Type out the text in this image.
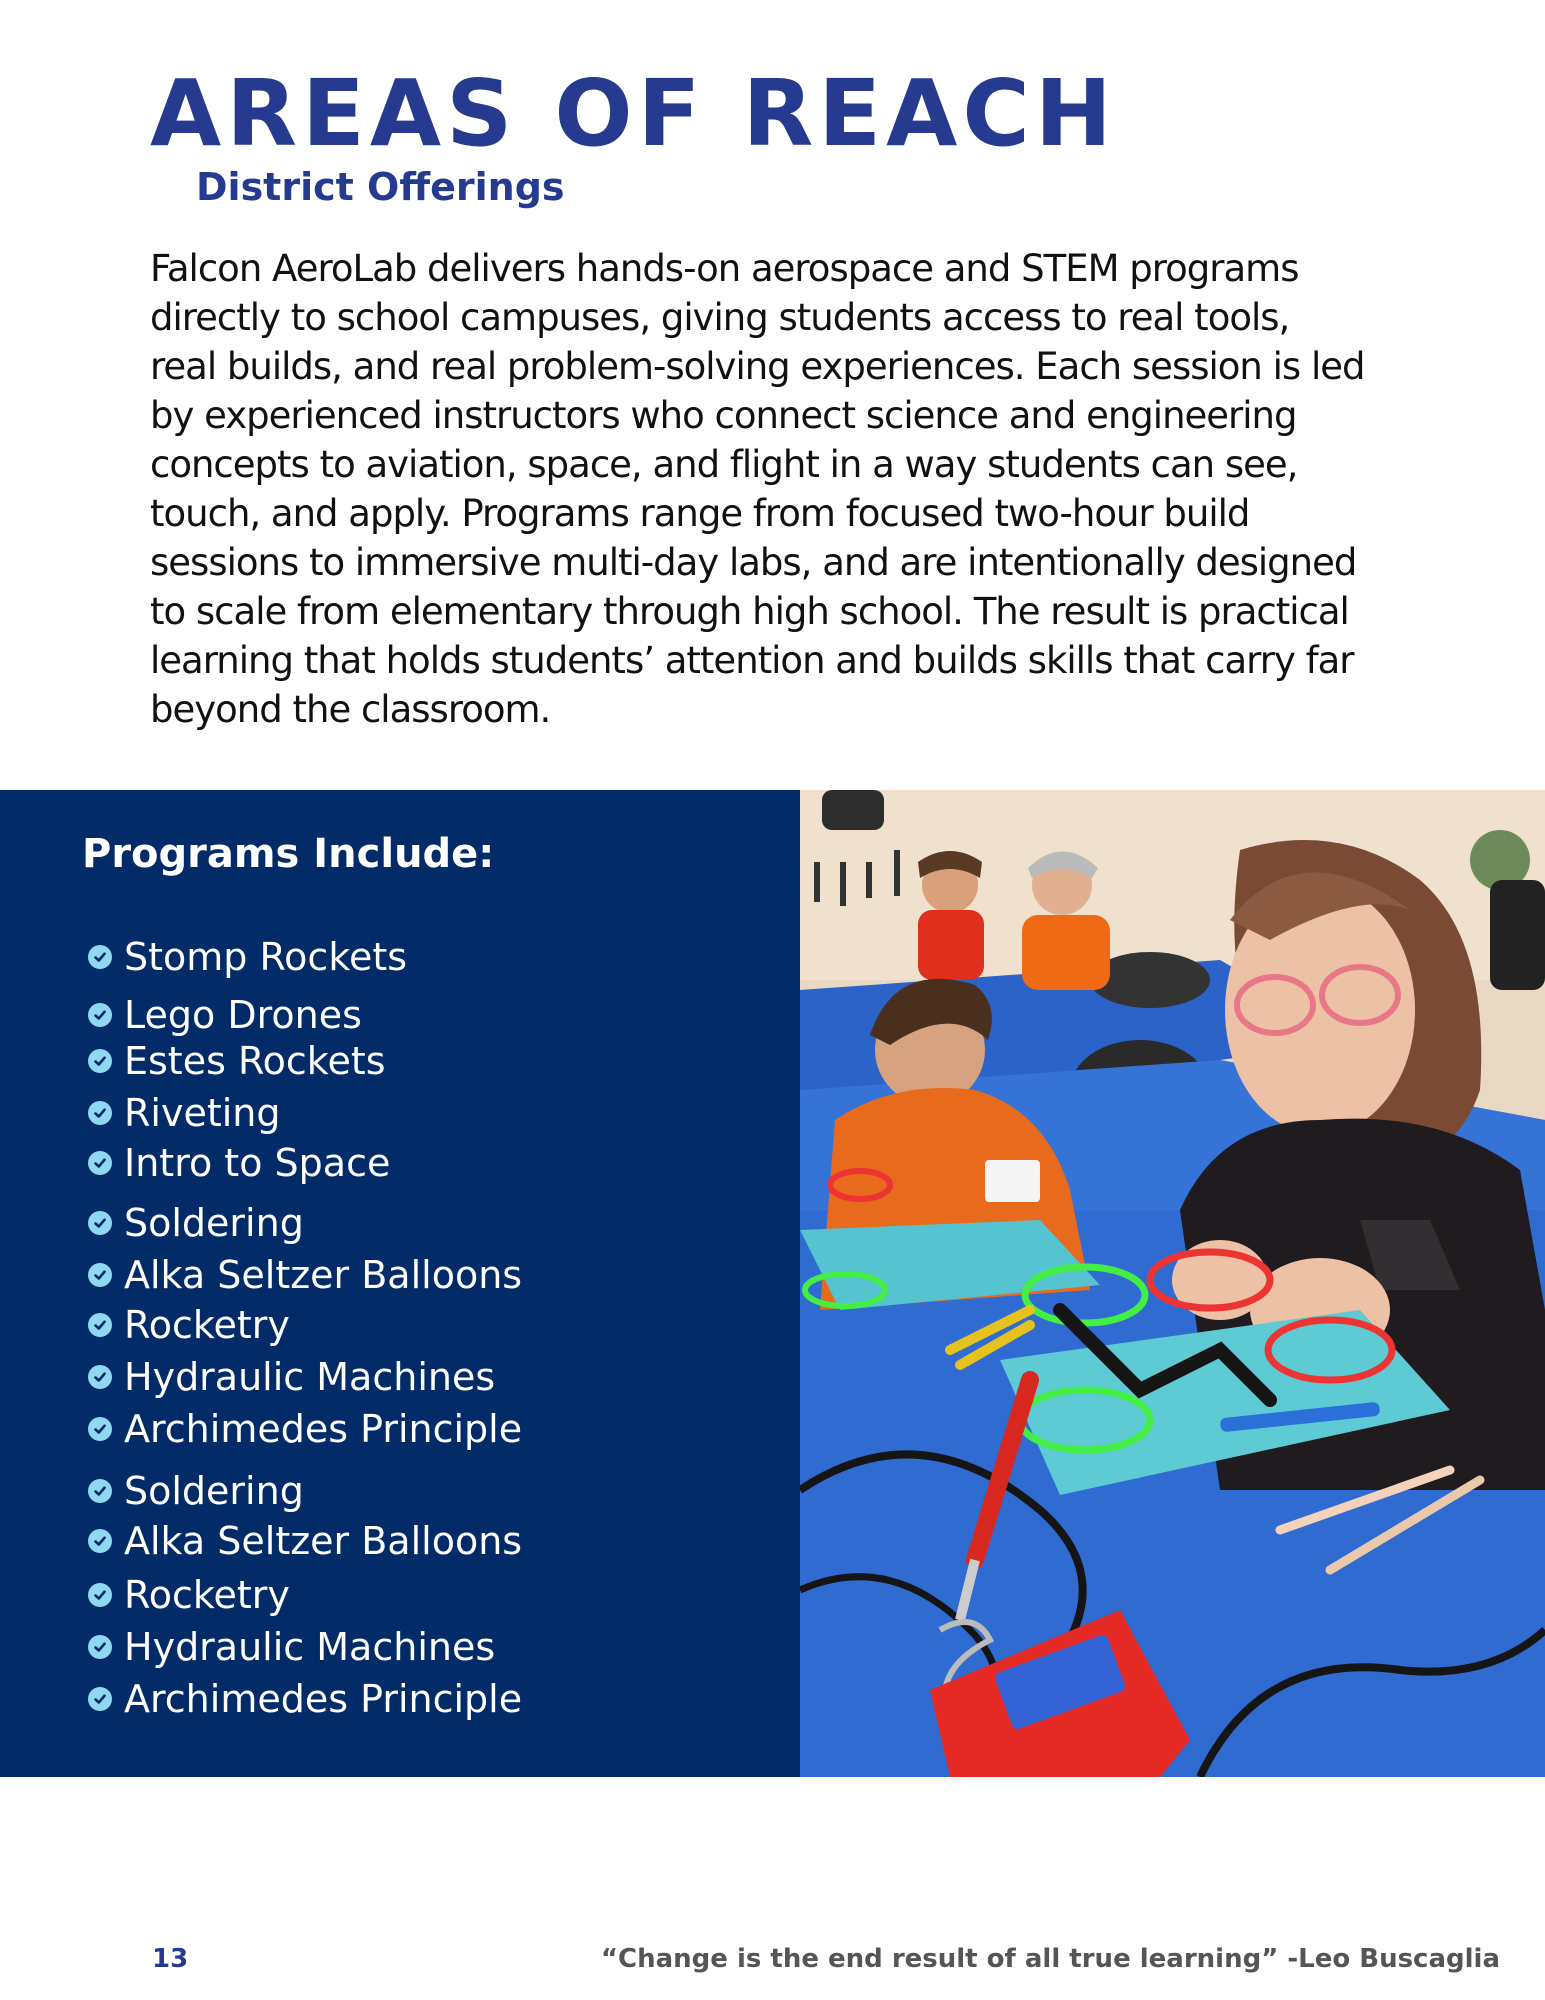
AREAS OF REACH
District Offerings

Falcon AeroLab delivers hands-on aerospace and STEM programs directly to school campuses, giving students access to real tools, real builds, and real problem-solving experiences. Each session is led by experienced instructors who connect science and engineering concepts to aviation, space, and flight in a way students can see, touch, and apply. Programs range from focused two-hour build sessions to immersive multi-day labs, and are intentionally designed to scale from elementary through high school. The result is practical learning that holds students’ attention and builds skills that carry far beyond the classroom.

Programs Include:
Stomp Rockets
Lego Drones
Estes Rockets
Riveting
Intro to Space
Soldering
Alka Seltzer Balloons
Rocketry
Hydraulic Machines
Archimedes Principle
Soldering
Alka Seltzer Balloons
Rocketry
Hydraulic Machines
Archimedes Principle

13	“Change is the end result of all true learning” -Leo Buscaglia
